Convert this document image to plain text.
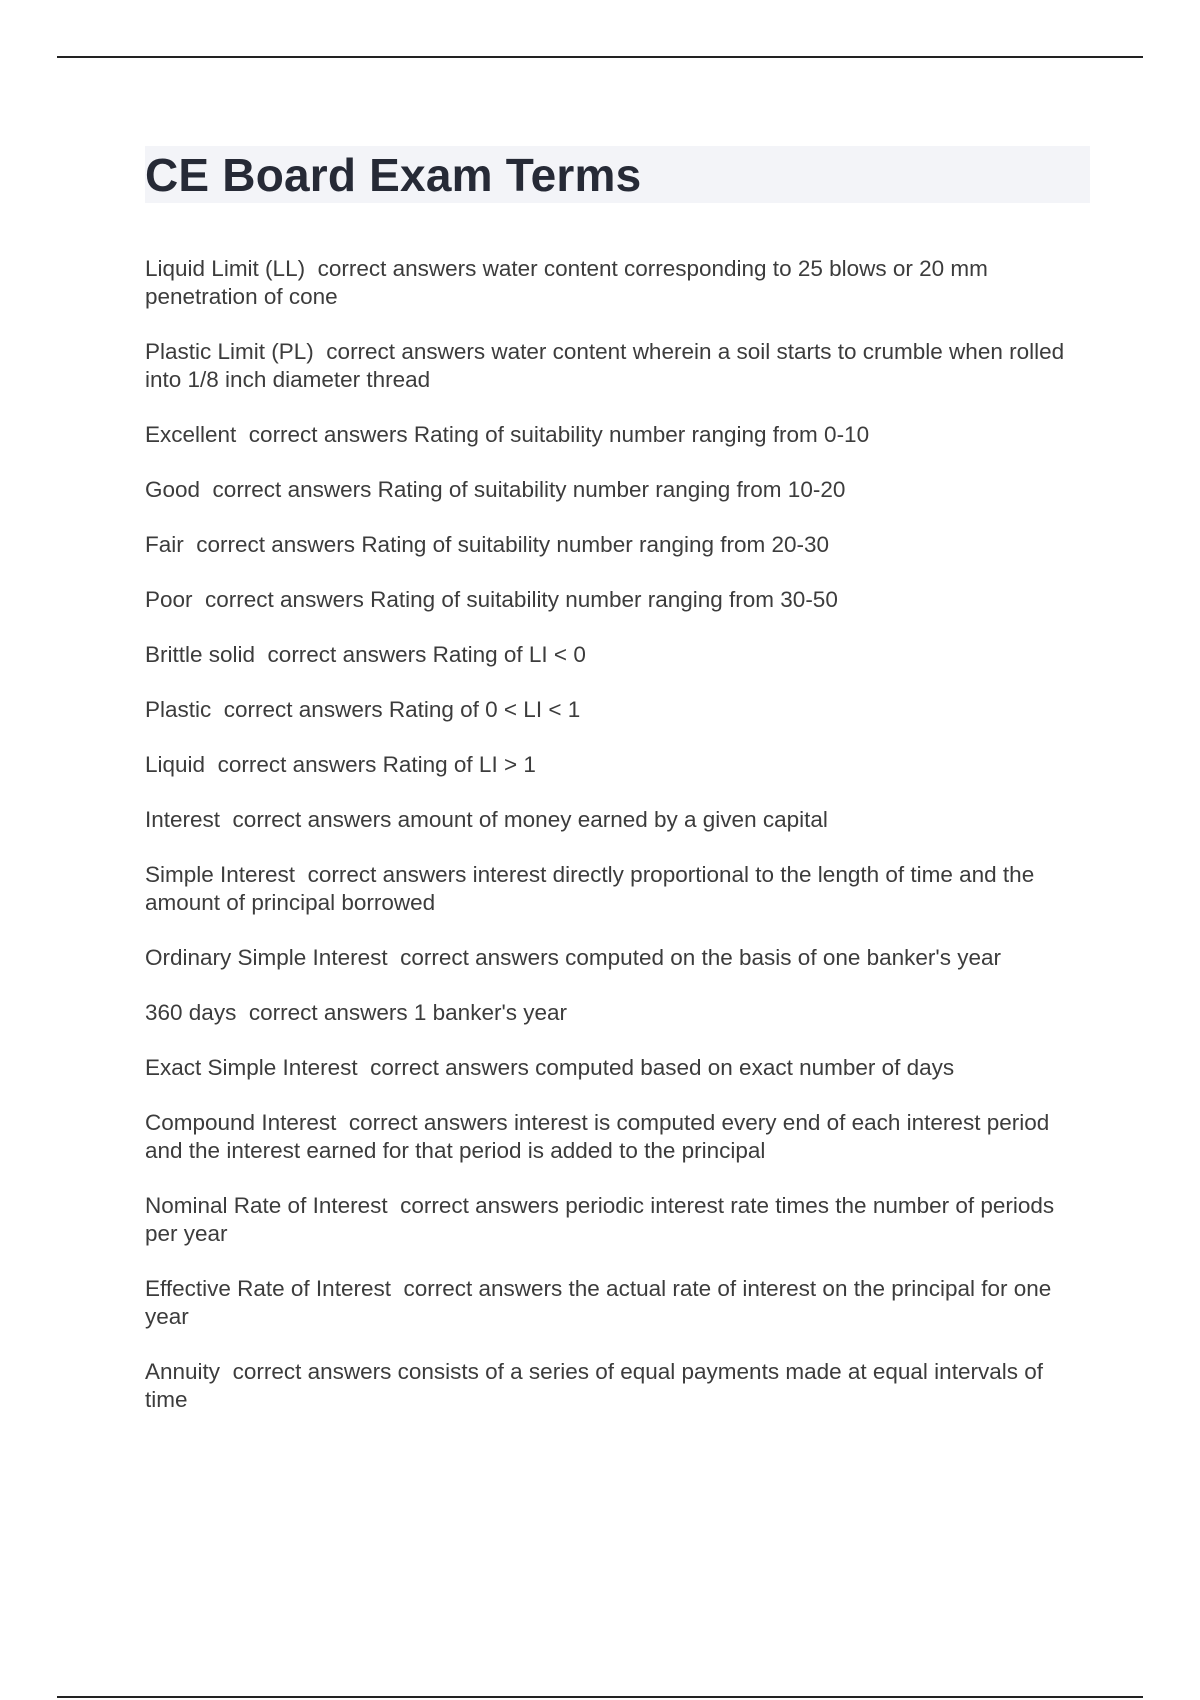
CE Board Exam Terms
Liquid Limit (LL)  correct answers water content corresponding to 25 blows or 20 mm penetration of cone
Plastic Limit (PL)  correct answers water content wherein a soil starts to crumble when rolled into 1/8 inch diameter thread
Excellent  correct answers Rating of suitability number ranging from 0-10
Good  correct answers Rating of suitability number ranging from 10-20
Fair  correct answers Rating of suitability number ranging from 20-30
Poor  correct answers Rating of suitability number ranging from 30-50
Brittle solid  correct answers Rating of LI < 0
Plastic  correct answers Rating of 0 < LI < 1
Liquid  correct answers Rating of LI > 1
Interest  correct answers amount of money earned by a given capital
Simple Interest  correct answers interest directly proportional to the length of time and the amount of principal borrowed
Ordinary Simple Interest  correct answers computed on the basis of one banker's year
360 days  correct answers 1 banker's year
Exact Simple Interest  correct answers computed based on exact number of days
Compound Interest  correct answers interest is computed every end of each interest period and the interest earned for that period is added to the principal
Nominal Rate of Interest  correct answers periodic interest rate times the number of periods per year
Effective Rate of Interest  correct answers the actual rate of interest on the principal for one year
Annuity  correct answers consists of a series of equal payments made at equal intervals of time
